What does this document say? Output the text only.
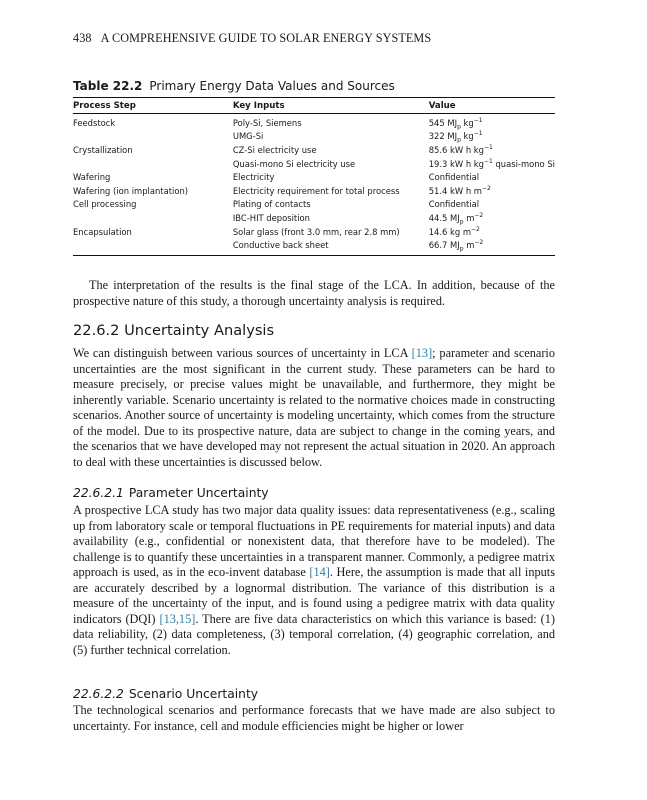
438 A COMPREHENSIVE GUIDE TO SOLAR ENERGY SYSTEMS
Table 22.2 Primary Energy Data Values and Sources
Process Step	Key Inputs	Value
Feedstock	Poly-Si, Siemens	545 $MJ_p$ $kg^{-1}$
	UMG-Si	322 $MJ_p$ $kg^{-1}$
Crystallization	CZ-Si electricity use	85.6 kW h $kg^{-1}$
	Quasi-mono Si electricity use	19.3 kW h $kg^{-1}$ quasi-mono Si
Wafering	Electricity	Confidential
Wafering (ion implantation)	Electricity requirement for total process	51.4 kW h $m^{-2}$
Cell processing	Plating of contacts	Confidential
	IBC-HIT deposition	44.5 $MJ_p$ $m^{-2}$
Encapsulation	Solar glass (front 3.0 mm, rear 2.8 mm)	14.6 kg $m^{-2}$
	Conductive back sheet	66.7 $MJ_p$ $m^{-2}$

The interpretation of the results is the final stage of the LCA. In addition, because of the prospective nature of this study, a thorough uncertainty analysis is required.

22.6.2 Uncertainty Analysis

We can distinguish between various sources of uncertainty in LCA [13]; parameter and scenario uncertainties are the most significant in the current study. These parameters can be hard to measure precisely, or precise values might be unavailable, and furthermore, they might be inherently variable. Scenario uncertainty is related to the normative choices made in constructing scenarios. Another source of uncertainty is modeling uncertainty, which comes from the structure of the model. Due to its prospective nature, data are subject to change in the coming years, and the scenarios that we have developed may not represent the actual situation in 2020. An approach to deal with these uncertainties is discussed below.

22.6.2.1 Parameter Uncertainty

A prospective LCA study has two major data quality issues: data representativeness (e.g., scaling up from laboratory scale or temporal fluctuations in PE requirements for material inputs) and data availability (e.g., confidential or nonexistent data, that therefore have to be modeled). The challenge is to quantify these uncertainties in a transparent manner. Commonly, a pedigree matrix approach is used, as in the eco-invent database [14]. Here, the assumption is made that all inputs are accurately described by a lognormal distribution. The variance of this distribution is a measure of the uncertainty of the input, and is found using a pedigree matrix with data quality indicators (DQI) [13,15]. There are five data characteristics on which this variance is based: (1) data reliability, (2) data completeness, (3) temporal correlation, (4) geographic correlation, and (5) further technical correlation.

22.6.2.2 Scenario Uncertainty

The technological scenarios and performance forecasts that we have made are also subject to uncertainty. For instance, cell and module efficiencies might be higher or lower
